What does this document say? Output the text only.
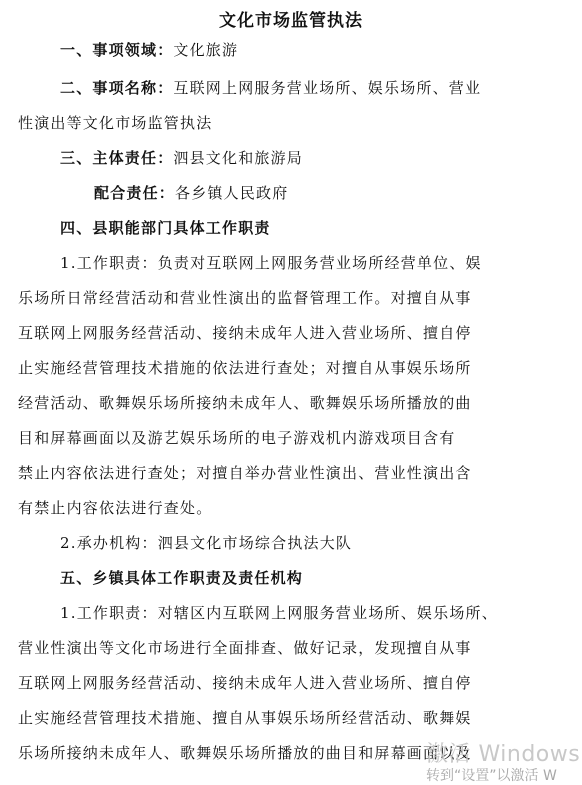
文化市场监管执法
一、事项领域：文化旅游
二、事项名称：互联网上网服务营业场所、娱乐场所、营业
性演出等文化市场监管执法
三、主体责任：泗县文化和旅游局
配合责任：各乡镇人民政府
四、县职能部门具体工作职责
1.工作职责：负责对互联网上网服务营业场所经营单位、娱
乐场所日常经营活动和营业性演出的监督管理工作。对擅自从事
互联网上网服务经营活动、接纳未成年人进入营业场所、擅自停
止实施经营管理技术措施的依法进行查处；对擅自从事娱乐场所
经营活动、歌舞娱乐场所接纳未成年人、歌舞娱乐场所播放的曲
目和屏幕画面以及游艺娱乐场所的电子游戏机内游戏项目含有
禁止内容依法进行查处；对擅自举办营业性演出、营业性演出含
有禁止内容依法进行查处。
2.承办机构：泗县文化市场综合执法大队
五、乡镇具体工作职责及责任机构
1.工作职责：对辖区内互联网上网服务营业场所、娱乐场所、
营业性演出等文化市场进行全面排查、做好记录，发现擅自从事
互联网上网服务经营活动、接纳未成年人进入营业场所、擅自停
止实施经营管理技术措施、擅自从事娱乐场所经营活动、歌舞娱
乐场所接纳未成年人、歌舞娱乐场所播放的曲目和屏幕画面以及
激活 Windows
转到“设置”以激活 W
